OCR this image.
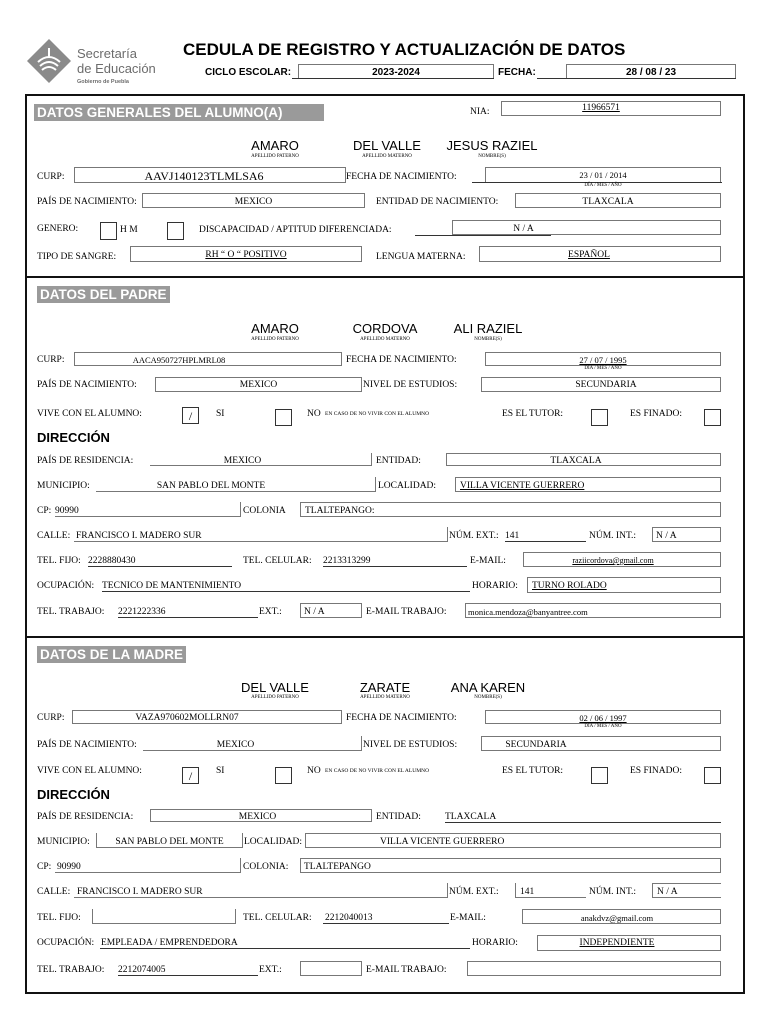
Secretaría
de Educación
Gobierno de Puebla
CEDULA DE REGISTRO Y ACTUALIZACIÓN DE DATOS
CICLO ESCOLAR:	2023-2024	FECHA:	28 / 08 / 23
DATOS GENERALES DEL ALUMNO(A)	NIA:	11966571
AMARO
APELLIDO PATERNO
DEL VALLE
APELLIDO MATERNO
JESUS RAZIEL
NOMBRE(S)
CURP:	AAVJ140123TLMLSA6	FECHA DE NACIMIENTO:	23 / 01 / 2014
DÍA / MES / AÑO
PAÍS DE NACIMIENTO:	MEXICO	ENTIDAD DE NACIMIENTO:	TLAXCALA
GENERO:	H M	DISCAPACIDAD / APTITUD DIFERENCIADA:	N / A
TIPO DE SANGRE:	RH “ O “ POSITIVO	LENGUA MATERNA:	ESPAÑOL
DATOS DEL PADRE
AMARO
APELLIDO PATERNO
CORDOVA
APELLIDO MATERNO
ALI RAZIEL
NOMBRE(S)
CURP:	AACA950727HPLMRL08	FECHA DE NACIMIENTO:	27 / 07 / 1995
DÍA / MES / AÑO
PAÍS DE NACIMIENTO:	MEXICO	NIVEL DE ESTUDIOS:	SECUNDARIA
VIVE CON EL ALUMNO:	/	SI	NO EN CASO DE NO VIVIR CON EL ALUMNO	ES EL TUTOR:	ES FINADO:
DIRECCIÓN
PAÍS DE RESIDENCIA:	MEXICO	ENTIDAD:	TLAXCALA
MUNICIPIO:	SAN PABLO DEL MONTE	LOCALIDAD:	VILLA VICENTE GUERRERO
CP: 90990	COLONIA TLALTEPANGO:
CALLE: FRANCISCO I. MADERO SUR	NÚM. EXT.: 141	NÚM. INT.: N / A
TEL. FIJO: 2228880430	TEL. CELULAR: 2213313299	E-MAIL:	raziicordova@gmail.com
OCUPACIÓN: TECNICO DE MANTENIMIENTO	HORARIO: TURNO ROLADO
TEL. TRABAJO: 2221222336	EXT.: N / A	E-MAIL TRABAJO:	monica.mendoza@banyantree.com
DATOS DE LA MADRE
DEL VALLE
APELLIDO PATERNO
ZARATE
APELLIDO MATERNO
ANA KAREN
NOMBRE(S)
CURP:	VAZA970602MOLLRN07	FECHA DE NACIMIENTO:	02 / 06 / 1997
DÍA / MES / AÑO
PAÍS DE NACIMIENTO:	MEXICO	NIVEL DE ESTUDIOS:	SECUNDARIA
VIVE CON EL ALUMNO:	/	SI	NO EN CASO DE NO VIVIR CON EL ALUMNO	ES EL TUTOR:	ES FINADO:
DIRECCIÓN
PAÍS DE RESIDENCIA:	MEXICO	ENTIDAD:	TLAXCALA
MUNICIPIO:	SAN PABLO DEL MONTE	LOCALIDAD:	VILLA VICENTE GUERRERO
CP: 90990	COLONIA: TLALTEPANGO
CALLE: FRANCISCO I. MADERO SUR	NÚM. EXT.: 141	NÚM. INT.: N / A
TEL. FIJO:	TEL. CELULAR: 2212040013	E-MAIL:	anakdvz@gmail.com
OCUPACIÓN: EMPLEADA / EMPRENDEDORA	HORARIO:	INDEPENDIENTE
TEL. TRABAJO: 2212074005	EXT.:	E-MAIL TRABAJO:
